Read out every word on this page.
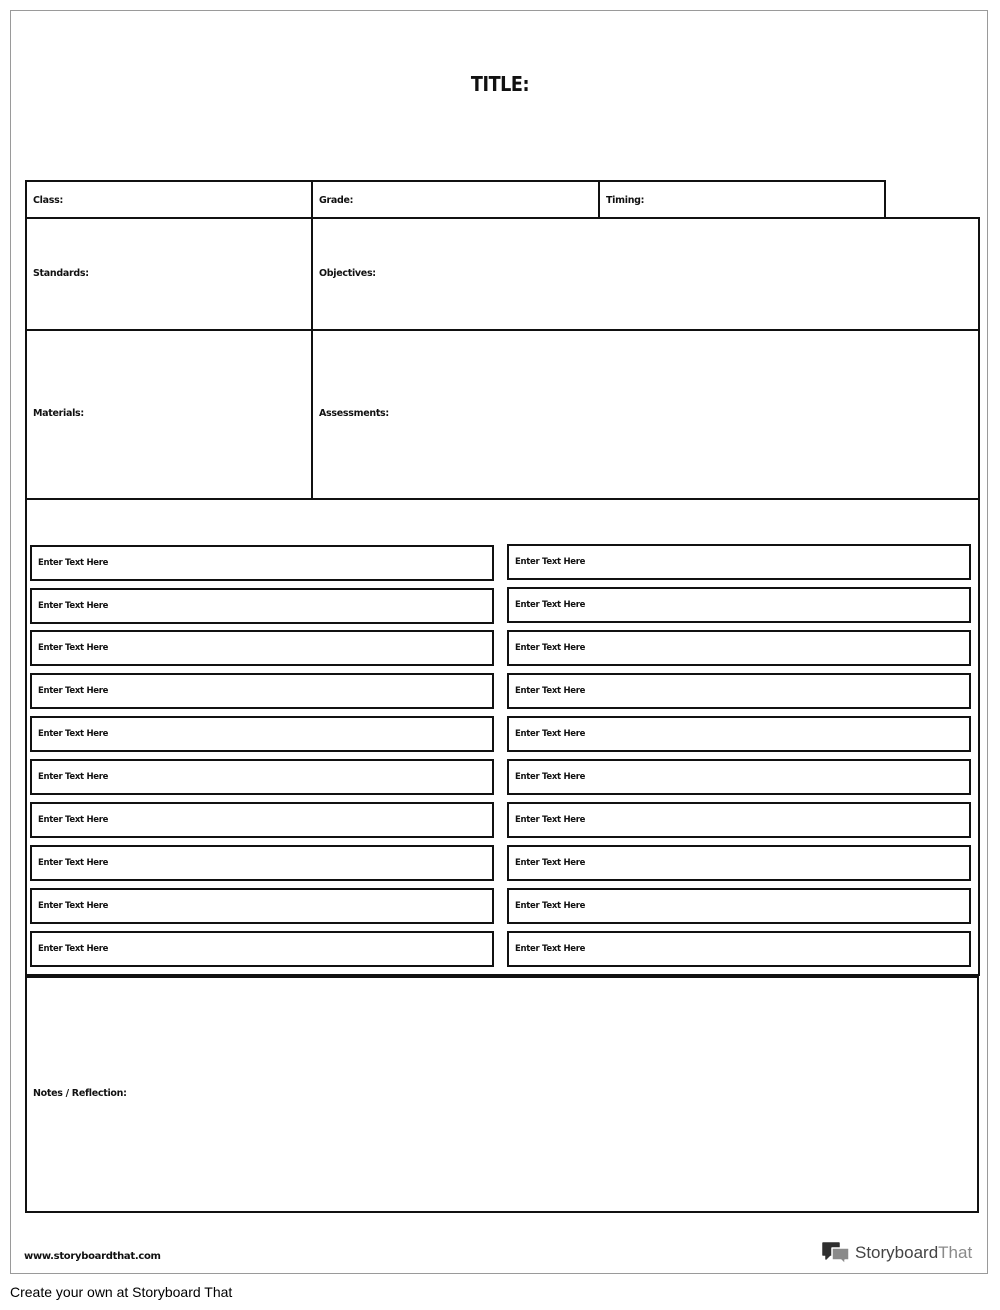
TITLE:
Class:	Grade:	Timing:
Standards:	Objectives:
Materials:	Assessments:
Enter Text Here
Enter Text Here
Enter Text Here
Enter Text Here
Enter Text Here
Enter Text Here
Enter Text Here
Enter Text Here
Enter Text Here
Enter Text Here
Enter Text Here
Enter Text Here
Enter Text Here
Enter Text Here
Enter Text Here
Enter Text Here
Enter Text Here
Enter Text Here
Enter Text Here
Enter Text Here
Notes / Reflection:
www.storyboardthat.com	Storyboard That
Create your own at Storyboard That
